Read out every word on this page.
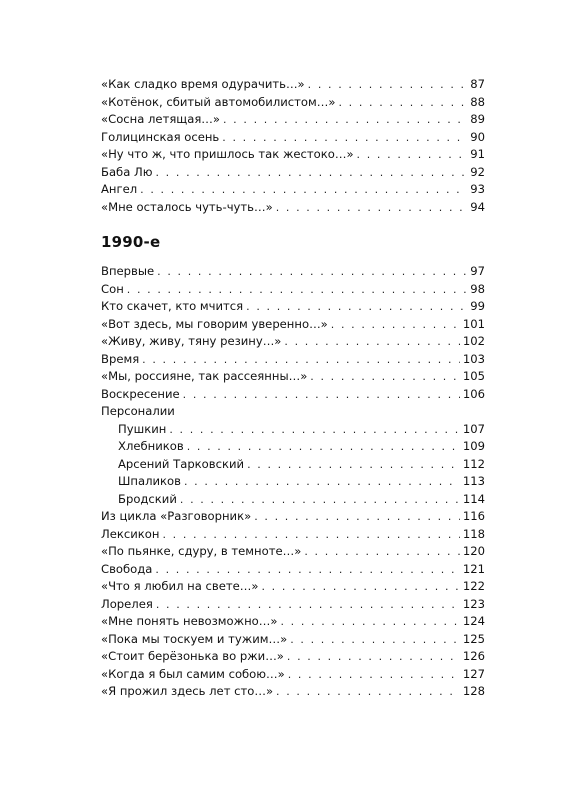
«Как сладко время одурачить…» . . .	87
«Котёнок, сбитый автомобилистом…» . . .	88
«Сосна летящая…» . . .	89
Голицинская осень . . .	90
«Ну что ж, что пришлось так жестоко…» . . .	91
Баба Лю . . .	92
Ангел . . .	93
«Мне осталось чуть-чуть…» . . .	94
1990-е
Впервые . . .	97
Сон . . .	98
Кто скачет, кто мчится . . .	99
«Вот здесь, мы говорим уверенно…» . . .	101
«Живу, живу, тяну резину…» . . .	102
Время . . .	103
«Мы, россияне, так рассеянны…» . . .	105
Воскресение . . .	106
Персоналии
Пушкин . . .	107
Хлебников . . .	109
Арсений Тарковский . . .	112
Шпаликов . . .	113
Бродский . . .	114
Из цикла «Разговорник» . . .	116
Лексикон . . .	118
«По пьянке, сдуру, в темноте…» . . .	120
Свобода . . .	121
«Что я любил на свете…» . . .	122
Лорелея . . .	123
«Мне понять невозможно…» . . .	124
«Пока мы тоскуем и тужим…» . . .	125
«Стоит берёзонька во ржи…» . . .	126
«Когда я был самим собою…» . . .	127
«Я прожил здесь лет сто…» . . .	128
